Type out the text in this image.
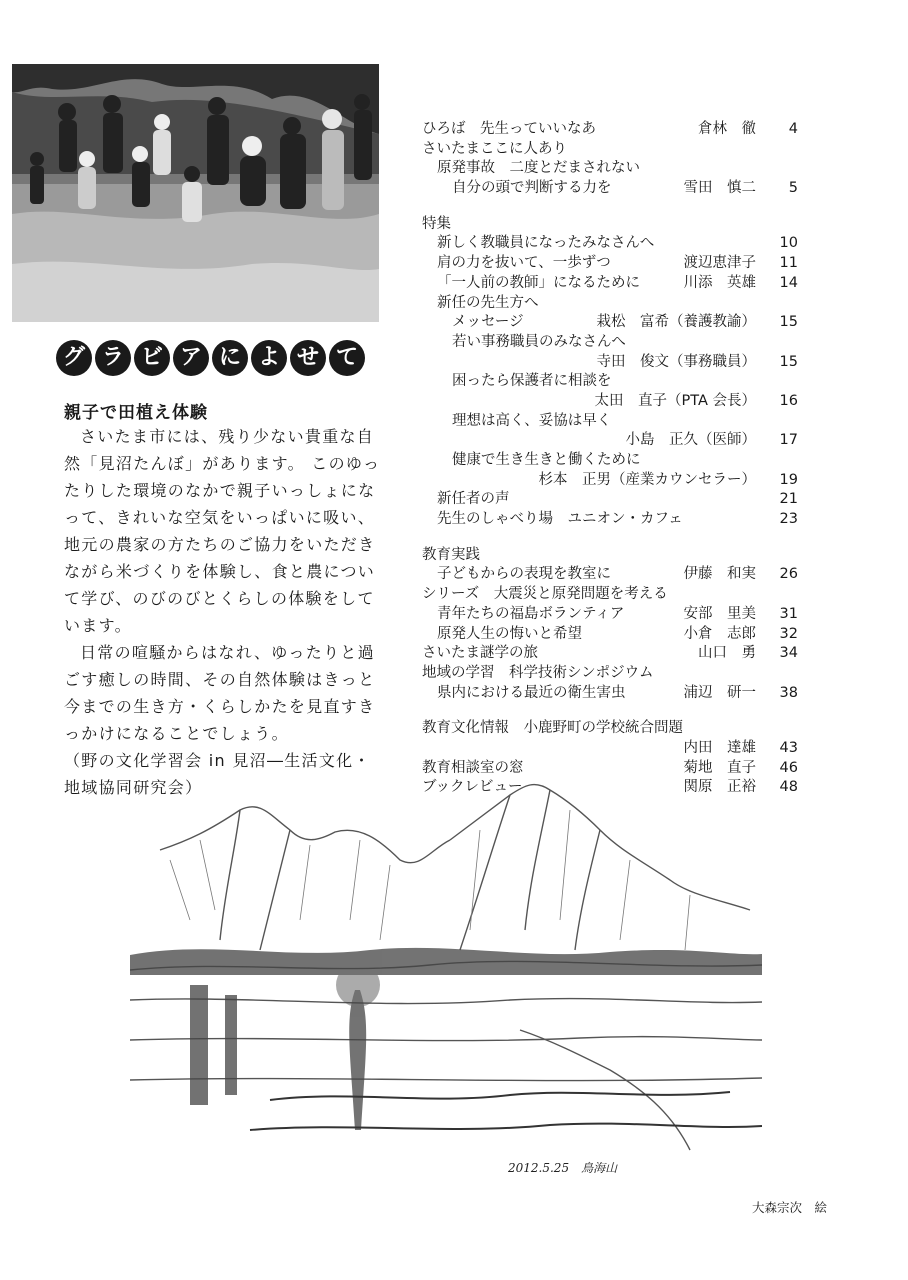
グ ラ ビ ア に よ せ て
親子で田植え体験

さいたま市には、残り少ない貴重な自然「見沼たんぼ」があります。 このゆったりした環境のなかで親子いっしょになって、きれいな空気をいっぱいに吸い、地元の農家の方たちのご協力をいただきながら米づくりを体験し、食と農について学び、のびのびとくらしの体験をしています。

日常の喧騒からはなれ、ゆったりと過ごす癒しの時間、その自然体験はきっと今までの生き方・くらしかたを見直すきっかけになることでしょう。

（野の文化学習会 in 見沼―生活文化・地域協同研究会）

ひろば　先生っていいなあ	倉林　徹	4
さいたまここに人あり
原発事故　二度とだまされない
自分の頭で判断する力を	雪田　慎二	5
特集
新しく教職員になったみなさんへ	10
肩の力を抜いて、一歩ずつ	渡辺恵津子	11
「一人前の教師」になるために	川添　英雄	14
新任の先生方へ
メッセージ	栽松　富希（養護教諭）	15
若い事務職員のみなさんへ
寺田　俊文（事務職員）	15
困ったら保護者に相談を
太田　直子（PTA 会長）	16
理想は高く、妥協は早く
小島　正久（医師）	17
健康で生き生きと働くために
杉本　正男（産業カウンセラー）	19
新任者の声	21
先生のしゃべり場　ユニオン・カフェ	23
教育実践
子どもからの表現を教室に	伊藤　和実	26
シリーズ　大震災と原発問題を考える
青年たちの福島ボランティア	安部　里美	31
原発人生の悔いと希望	小倉　志郎	32
さいたま謎学の旅	山口　勇	34
地域の学習　科学技術シンポジウム
県内における最近の衛生害虫	浦辺　研一	38
教育文化情報　小鹿野町の学校統合問題
内田　達雄	43
教育相談室の窓	菊地　直子	46
ブックレビュー	関原　正裕	48
2012.5.25　鳥海山
大森宗次　絵
